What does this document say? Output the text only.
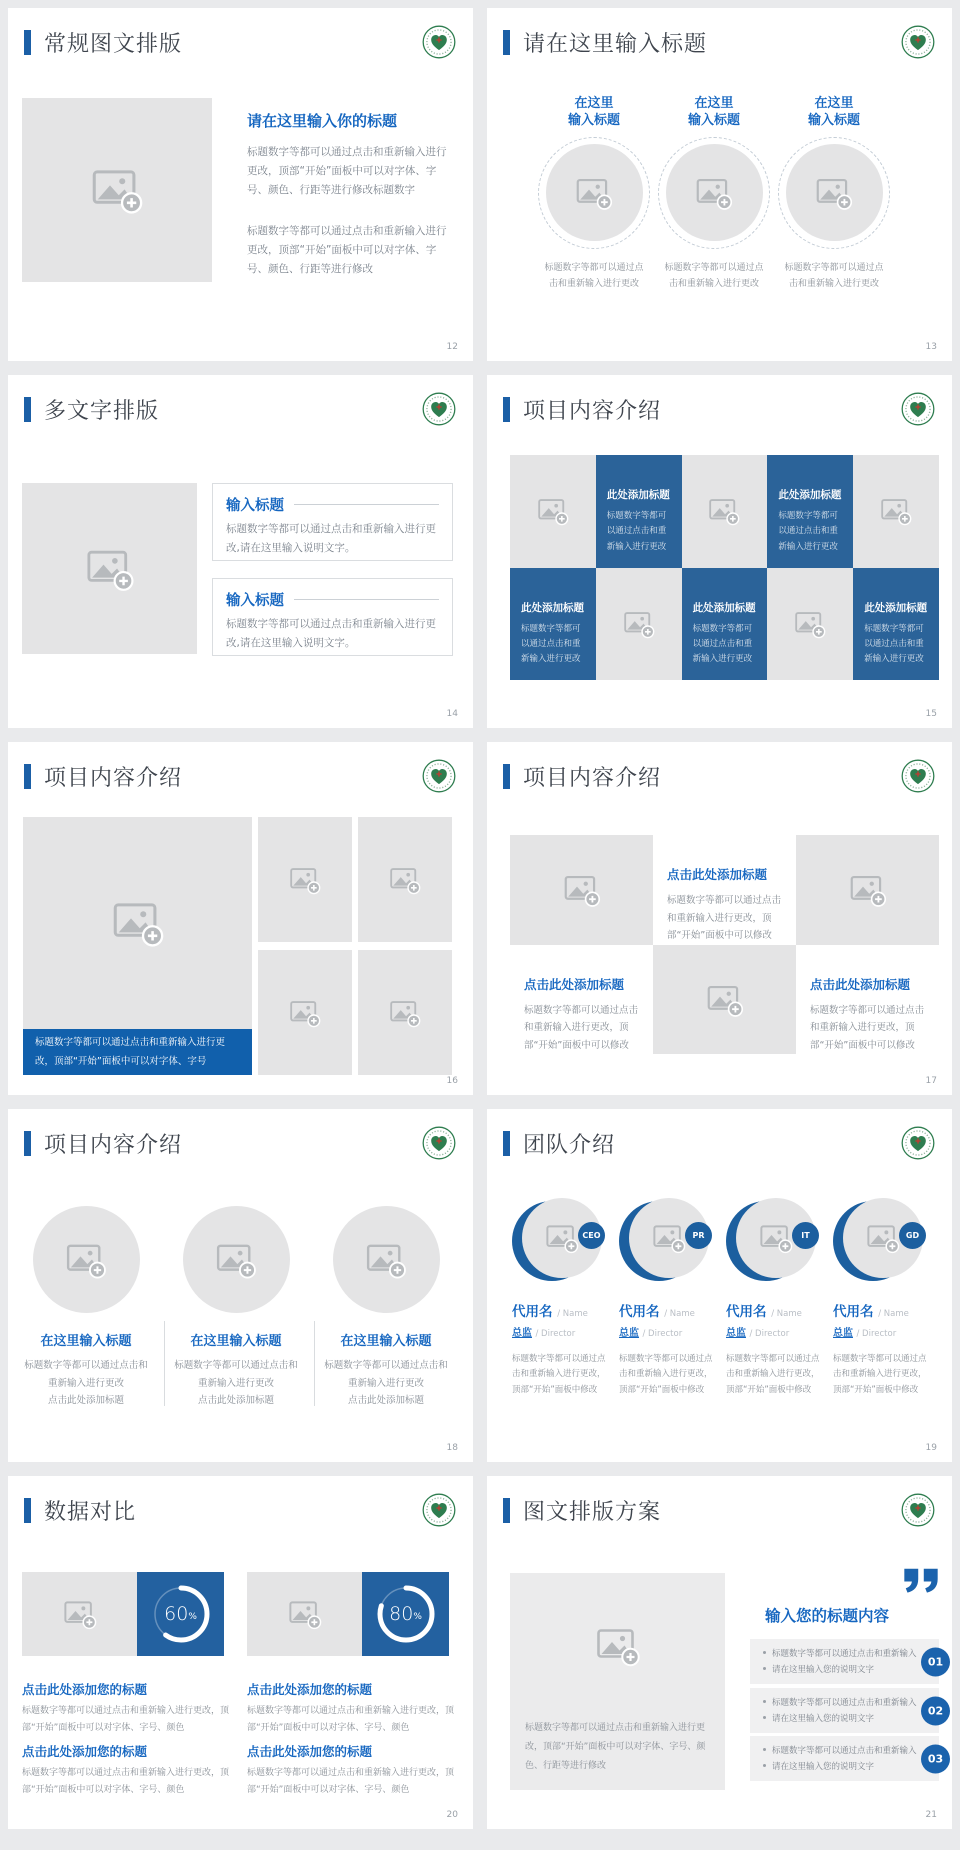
常规图文排版
请在这里输入你的标题

标题数字等都可以通过点击和重新输入进行更改，顶部“开始”面板中可以对字体、字号、颜色、行距等进行修改标题数字

标题数字等都可以通过点击和重新输入进行更改，顶部“开始”面板中可以对字体、字号、颜色、行距等进行修改

12
请在这里输入标题
在这里
输入标题
标题数字等都可以通过点击和重新输入进行更改
在这里
输入标题
标题数字等都可以通过点击和重新输入进行更改
在这里
输入标题
标题数字等都可以通过点击和重新输入进行更改
13
多文字排版
输入标题
标题数字等都可以通过点击和重新输入进行更改,请在这里输入说明文字。
输入标题
标题数字等都可以通过点击和重新输入进行更改,请在这里输入说明文字。
14
项目内容介绍
此处添加标题
标题数字等都可以通过点击和重新输入进行更改
此处添加标题
标题数字等都可以通过点击和重新输入进行更改
此处添加标题
标题数字等都可以通过点击和重新输入进行更改
此处添加标题
标题数字等都可以通过点击和重新输入进行更改
此处添加标题
标题数字等都可以通过点击和重新输入进行更改
15
项目内容介绍
标题数字等都可以通过点击和重新输入进行更改，顶部“开始”面板中可以对字体、字号
16
项目内容介绍
点击此处添加标题
标题数字等都可以通过点击和重新输入进行更改，顶部“开始”面板中可以修改
点击此处添加标题
标题数字等都可以通过点击和重新输入进行更改，顶部“开始”面板中可以修改
点击此处添加标题
标题数字等都可以通过点击和重新输入进行更改，顶部“开始”面板中可以修改
17
项目内容介绍
在这里输入标题
标题数字等都可以通过点击和重新输入进行更改
点击此处添加标题
在这里输入标题
标题数字等都可以通过点击和重新输入进行更改
点击此处添加标题
在这里输入标题
标题数字等都可以通过点击和重新输入进行更改
点击此处添加标题
18
团队介绍
CEO
代用名 / Name
总监 / Director
标题数字等都可以通过点击和重新输入进行更改，顶部“开始”面板中修改
PR
代用名 / Name
总监 / Director
标题数字等都可以通过点击和重新输入进行更改，顶部“开始”面板中修改
IT
代用名 / Name
总监 / Director
标题数字等都可以通过点击和重新输入进行更改，顶部“开始”面板中修改
GD
代用名 / Name
总监 / Director
标题数字等都可以通过点击和重新输入进行更改，顶部“开始”面板中修改
19
数据对比
60 %	80 %
点击此处添加您的标题
标题数字等都可以通过点击和重新输入进行更改，顶部“开始”面板中可以对字体、字号、颜色
点击此处添加您的标题
标题数字等都可以通过点击和重新输入进行更改，顶部“开始”面板中可以对字体、字号、颜色
点击此处添加您的标题
标题数字等都可以通过点击和重新输入进行更改，顶部“开始”面板中可以对字体、字号、颜色
点击此处添加您的标题
标题数字等都可以通过点击和重新输入进行更改，顶部“开始”面板中可以对字体、字号、颜色
20
图文排版方案
标题数字等都可以通过点击和重新输入进行更改，顶部“开始”面板中可以对字体、字号、颜色、行距等进行修改
输入您的标题内容
标题数字等都可以通过点击和重新输入
请在这里输入您的说明文字
01
标题数字等都可以通过点击和重新输入
请在这里输入您的说明文字
02
标题数字等都可以通过点击和重新输入
请在这里输入您的说明文字
03
21
